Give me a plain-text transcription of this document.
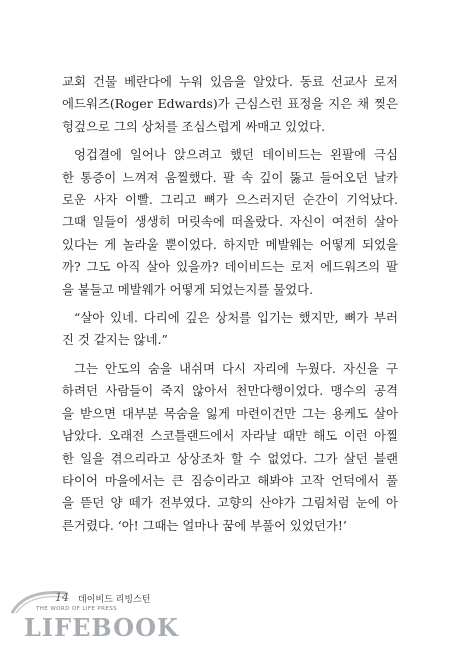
교회 건물 베란다에 누워 있음을 알았다. 동료 선교사 로저
에드워즈(Roger Edwards)가 근심스런 표정을 지은 채 찢은
헝겊으로 그의 상처를 조심스럽게 싸매고 있었다.
엉겁결에 일어나 앉으려고 했던 데이비드는 왼팔에 극심
한 통증이 느껴져 움찔했다. 팔 속 깊이 뚫고 들어오던 날카
로운 사자 이빨. 그리고 뼈가 으스러지던 순간이 기억났다.
그때 일들이 생생히 머릿속에 떠올랐다. 자신이 여전히 살아
있다는 게 놀라울 뿐이었다. 하지만 메발웨는 어떻게 되었을
까? 그도 아직 살아 있을까? 데이비드는 로저 에드워즈의 팔
을 붙들고 메발웨가 어떻게 되었는지를 물었다.
“살아 있네. 다리에 깊은 상처를 입기는 했지만, 뼈가 부러
진 것 같지는 않네.”
그는 안도의 숨을 내쉬며 다시 자리에 누웠다. 자신을 구
하려던 사람들이 죽지 않아서 천만다행이었다. 맹수의 공격
을 받으면 대부분 목숨을 잃게 마련이건만 그는 용케도 살아
남았다. 오래전 스코틀랜드에서 자라날 때만 해도 이런 아찔
한 일을 겪으리라고 상상조차 할 수 없었다. 그가 살던 블랜
타이어 마을에서는 큰 짐승이라고 해봐야 고작 언덕에서 풀
을 뜯던 양 떼가 전부였다. 고향의 산야가 그림처럼 눈에 아
른거렸다. ‘아! 그때는 얼마나 꿈에 부풀어 있었던가!’
14 데이비드 리빙스턴
THE WORD OF LIFE PRESS
LIFEBOOK
